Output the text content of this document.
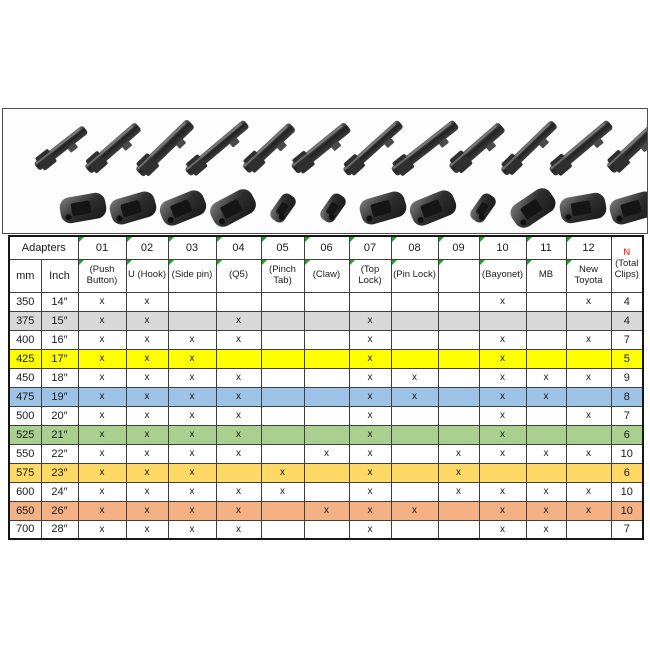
Adapters		01	02	03	04	05	06	07	08	09	10	11	12	N (Total
Clips)
mm	Inch	(Push Button)	U (Hook)	(Side pin)	(Q5)	(Pinch Tab)	(Claw)	(Top Lock)	(Pin Lock)		(Bayonet)	MB	New Toyota	
350	14″	x	x								x		x	4
375	15″	x	x		x			x						4
400	16″	x	x	x	x			x			x		x	7
425	17″	x	x	x				x			x			5
450	18″	x	x	x	x			x	x		x	x	x	9
475	19″	x	x	x	x			x	x		x	x		8
500	20″	x	x	x	x			x			x		x	7
525	21″	x	x	x	x			x			x			6
550	22″	x	x	x	x		x	x		x	x	x	x	10
575	23″	x	x	x		x		x		x				6
600	24″	x	x	x	x	x		x		x	x	x	x	10
650	26″	x	x	x	x		x	x	x		x	x	x	10
700	28″	x	x	x	x			x			x	x		7
